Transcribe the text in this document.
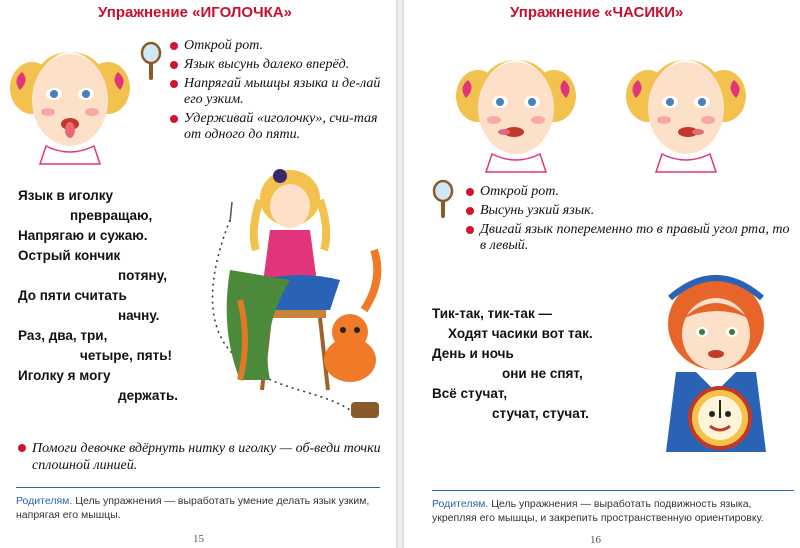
Упражнение «ИГОЛОЧКА»
Открой рот.
Язык высунь далеко вперёд.
Напрягай мышцы языка и де-лай его узким.
Удерживай «иголочку», счи-тая от одного до пяти.
Язык в иголку
превращаю,
Напрягаю и сужаю.
Острый кончик
потяну,
До пяти считать
начну.
Раз, два, три,
четыре, пять!
Иголку я могу
держать.
Помоги девочке вдёрнуть нитку в иголку — об-веди точки сплошной линией.
Родителям. Цель упражнения — выработать умение делать язык узким, напрягая его мышцы.
15
Упражнение «ЧАСИКИ»
Открой рот.
Высунь узкий язык.
Двигай язык попеременно то в правый угол рта, то в левый.
Тик-так, тик-так —
Ходят часики вот так.
День и ночь
они не спят,
Всё стучат,
стучат, стучат.
Родителям. Цель упражнения — выработать подвижность языка, укрепляя его мышцы, и закрепить пространственную ориентировку.
16
